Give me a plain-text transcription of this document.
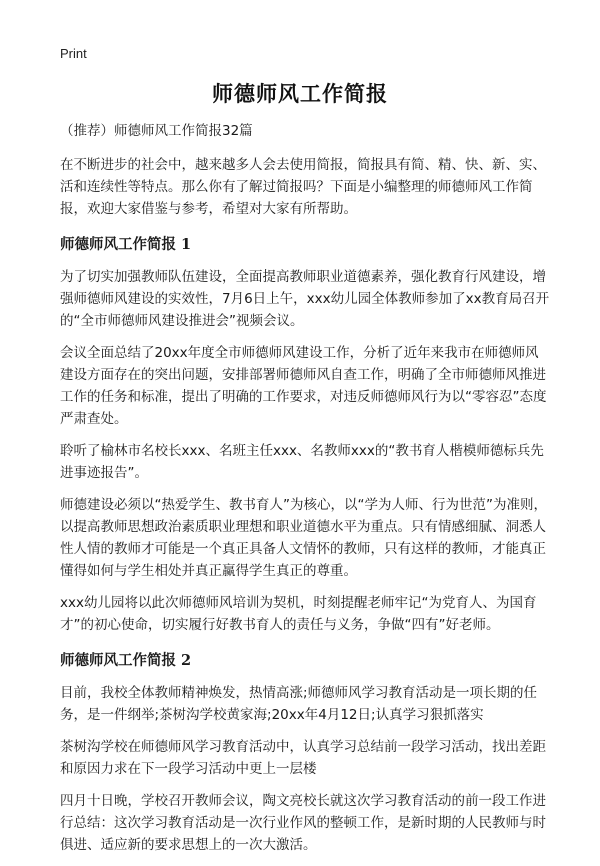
Print
师德师风工作简报
（推荐）师德师风工作简报32篇

在不断进步的社会中，越来越多人会去使用简报，简报具有简、精、快、新、实、活和连续性等特点。那么你有了解过简报吗？下面是小编整理的师德师风工作简报，欢迎大家借鉴与参考，希望对大家有所帮助。

师德师风工作简报 1

为了切实加强教师队伍建设，全面提高教师职业道德素养，强化教育行风建设，增强师德师风建设的实效性，7月6日上午，xxx幼儿园全体教师参加了xx教育局召开的“全市师德师风建设推进会”视频会议。

会议全面总结了20xx年度全市师德师风建设工作，分析了近年来我市在师德师风建设方面存在的突出问题，安排部署师德师风自查工作，明确了全市师德师风推进工作的任务和标准，提出了明确的工作要求，对违反师德师风行为以“零容忍”态度严肃查处。

聆听了榆林市名校长xxx、名班主任xxx、名教师xxx的“教书育人楷模师德标兵先进事迹报告”。

师德建设必须以“热爱学生、教书育人”为核心，以“学为人师、行为世范”为准则，以提高教师思想政治素质职业理想和职业道德水平为重点。只有情感细腻、洞悉人性人情的教师才可能是一个真正具备人文情怀的教师，只有这样的教师，才能真正懂得如何与学生相处并真正赢得学生真正的尊重。

xxx幼儿园将以此次师德师风培训为契机，时刻提醒老师牢记“为党育人、为国育才”的初心使命，切实履行好教书育人的责任与义务，争做“四有”好老师。

师德师风工作简报 2

目前，我校全体教师精神焕发，热情高涨;师德师风学习教育活动是一项长期的任务，是一件纲举;茶树沟学校黄家海;20xx年4月12日;认真学习狠抓落实

茶树沟学校在师德师风学习教育活动中，认真学习总结前一段学习活动，找出差距和原因力求在下一段学习活动中更上一层楼

四月十日晚，学校召开教师会议，陶文亮校长就这次学习教育活动的前一段工作进行总结：这次学习教育活动是一次行业作风的整顿工作，是新时期的人民教师与时俱进、适应新的要求思想上的一次大激活。
